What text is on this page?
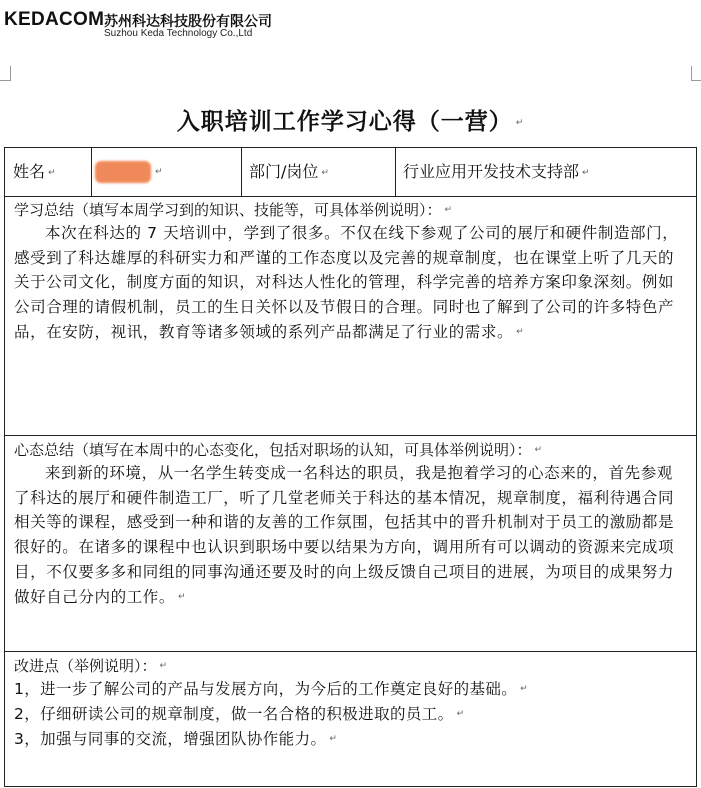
KEDACOM 苏州科达科技股份有限公司
Suzhou Keda Technology Co.,Ltd
入职培训工作学习心得（一营） ↵
姓名 ↵	↵	部门/岗位 ↵	行业应用开发技术支持部 ↵
学习总结（填写本周学习到的知识、技能等，可具体举例说明）： ↵
本次在科达的 7 天培训中，学到了很多。不仅在线下参观了公司的展厅和硬件制造部门，感受到了科达雄厚的科研实力和严谨的工作态度以及完善的规章制度，也在课堂上听了几天的关于公司文化，制度方面的知识，对科达人性化的管理，科学完善的培养方案印象深刻。例如公司合理的请假机制，员工的生日关怀以及节假日的合理。同时也了解到了公司的许多特色产品，在安防，视讯，教育等诸多领域的系列产品都满足了行业的需求。 ↵
心态总结（填写在本周中的心态变化，包括对职场的认知，可具体举例说明）： ↵
来到新的环境，从一名学生转变成一名科达的职员，我是抱着学习的心态来的，首先参观了科达的展厅和硬件制造工厂，听了几堂老师关于科达的基本情况，规章制度，福利待遇合同相关等的课程，感受到一种和谐的友善的工作氛围，包括其中的晋升机制对于员工的激励都是很好的。在诸多的课程中也认识到职场中要以结果为方向，调用所有可以调动的资源来完成项目，不仅要多多和同组的同事沟通还要及时的向上级反馈自己项目的进展，为项目的成果努力做好自己分内的工作。 ↵
改进点（举例说明）： ↵
1，进一步了解公司的产品与发展方向，为今后的工作奠定良好的基础。 ↵
2，仔细研读公司的规章制度，做一名合格的积极进取的员工。 ↵
3，加强与同事的交流，增强团队协作能力。 ↵
